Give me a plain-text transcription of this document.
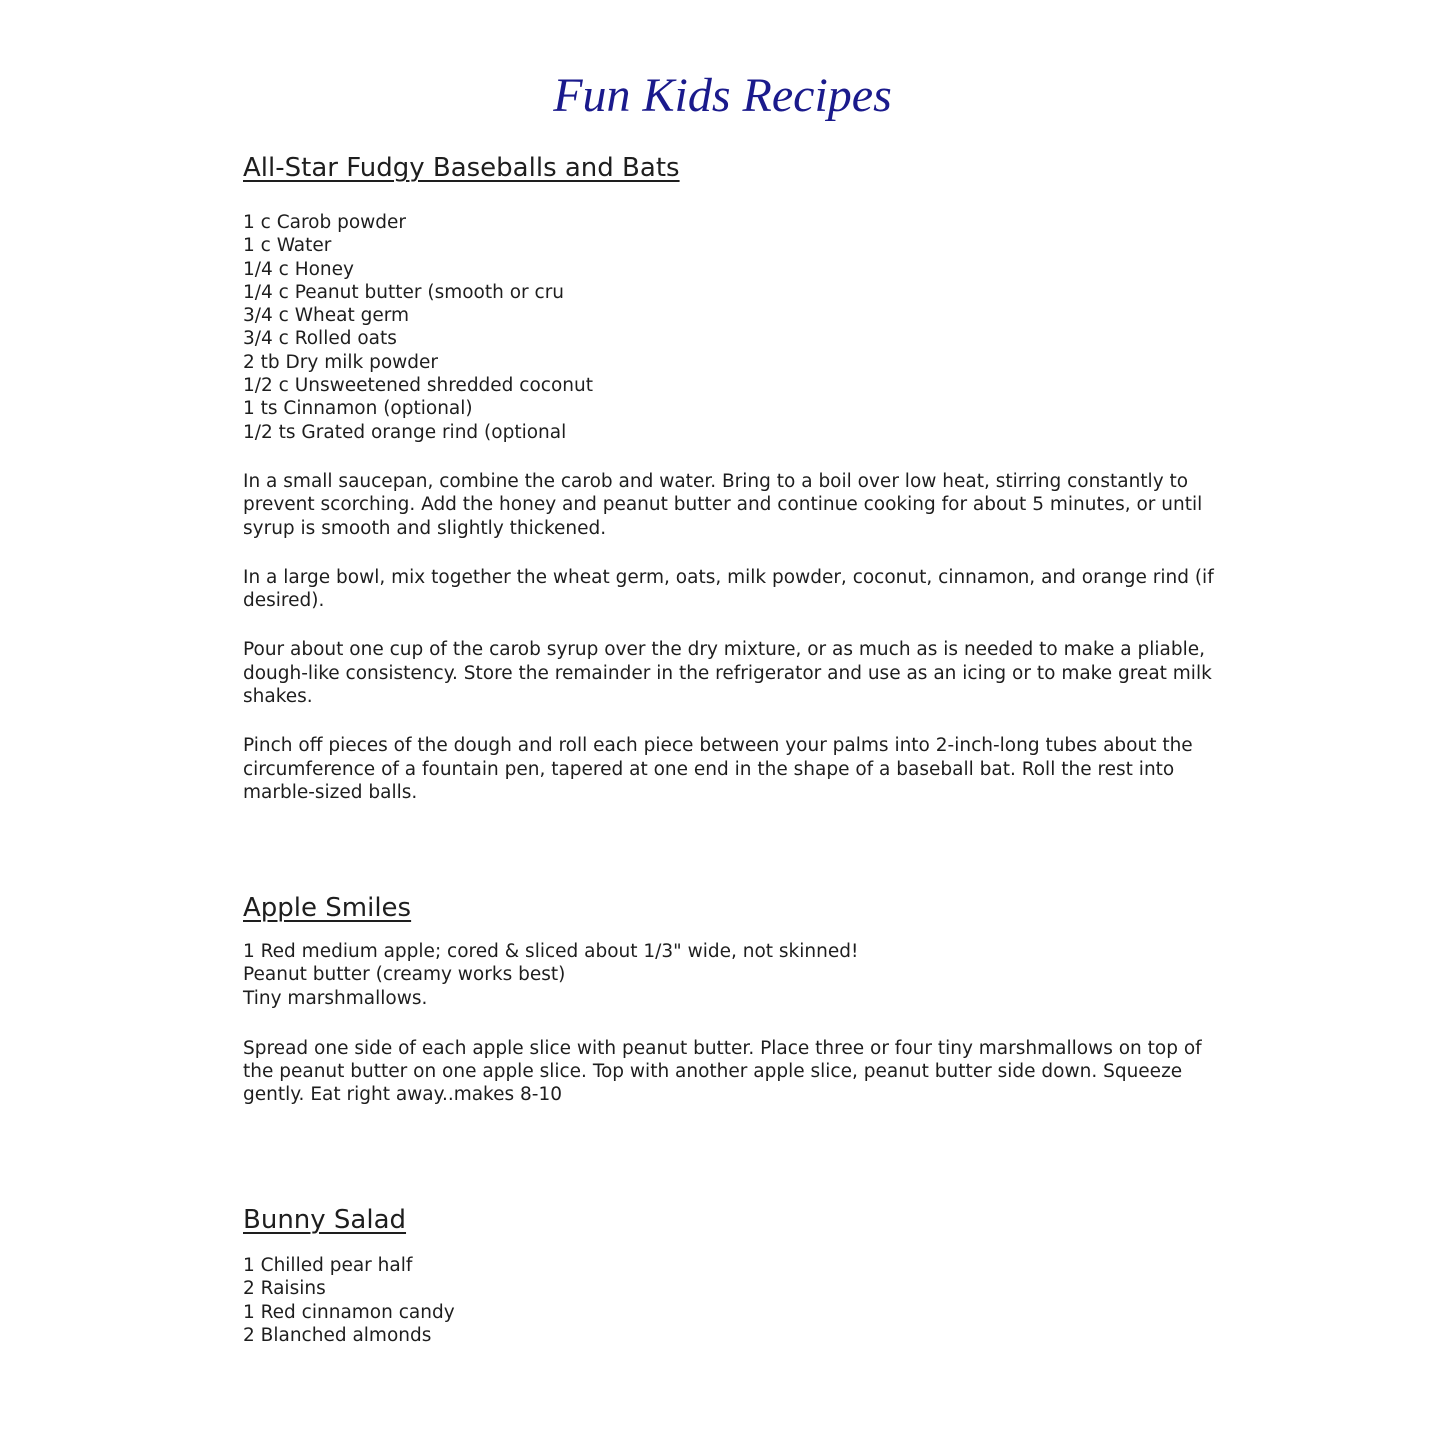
Fun Kids Recipes
All-Star Fudgy Baseballs and Bats
1 c Carob powder
1 c Water
1/4 c Honey
1/4 c Peanut butter (smooth or cru
3/4 c Wheat germ
3/4 c Rolled oats
2 tb Dry milk powder
1/2 c Unsweetened shredded coconut
1 ts Cinnamon (optional)
1/2 ts Grated orange rind (optional

In a small saucepan, combine the carob and water. Bring to a boil over low heat, stirring constantly to prevent scorching. Add the honey and peanut butter and continue cooking for about 5 minutes, or until syrup is smooth and slightly thickened.

In a large bowl, mix together the wheat germ, oats, milk powder, coconut, cinnamon, and orange rind (if desired).

Pour about one cup of the carob syrup over the dry mixture, or as much as is needed to make a pliable, dough-like consistency. Store the remainder in the refrigerator and use as an icing or to make great milk shakes.

Pinch off pieces of the dough and roll each piece between your palms into 2-inch-long tubes about the circumference of a fountain pen, tapered at one end in the shape of a baseball bat. Roll the rest into marble-sized balls.

Apple Smiles
1 Red medium apple; cored & sliced about 1/3" wide, not skinned!
Peanut butter (creamy works best)
Tiny marshmallows.

Spread one side of each apple slice with peanut butter. Place three or four tiny marshmallows on top of the peanut butter on one apple slice. Top with another apple slice, peanut butter side down. Squeeze gently. Eat right away..makes 8-10

Bunny Salad
1 Chilled pear half
2 Raisins
1 Red cinnamon candy
2 Blanched almonds
